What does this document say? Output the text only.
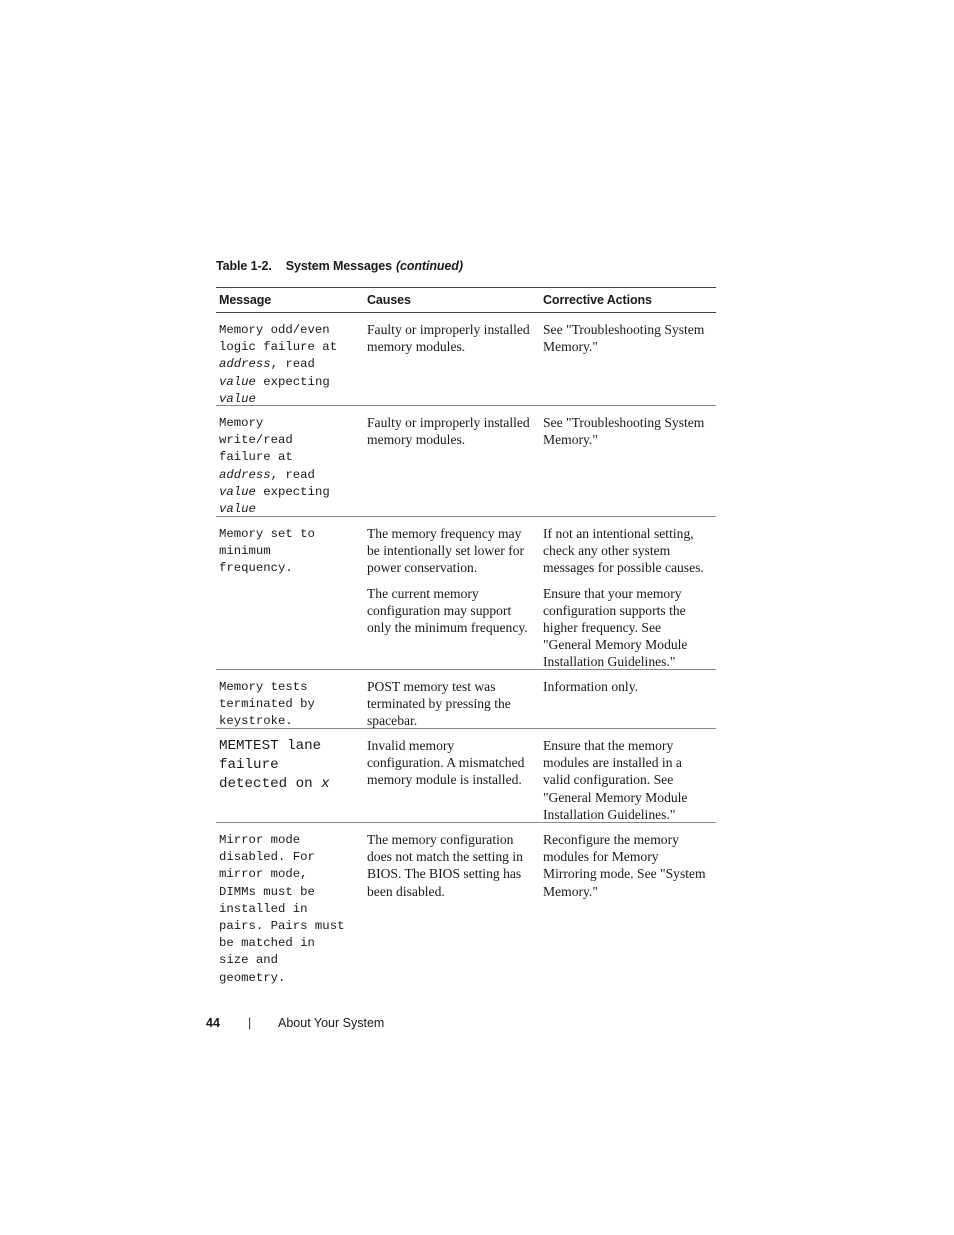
Table 1-2. System Messages (continued)
Message	Causes	Corrective Actions
Memory odd/even
logic failure at
address, read
value expecting
value

Faulty or improperly installed memory modules.

See "Troubleshooting System Memory."

Memory
write/read
failure at
address, read
value expecting
value

Faulty or improperly installed memory modules.

See "Troubleshooting System Memory."

Memory set to
minimum
frequency.

The memory frequency may be intentionally set lower for power conservation.

The current memory configuration may support only the minimum frequency.

If not an intentional setting, check any other system messages for possible causes.

Ensure that your memory configuration supports the higher frequency. See "General Memory Module Installation Guidelines."

Memory tests
terminated by
keystroke.

POST memory test was terminated by pressing the spacebar.

Information only.

MEMTEST lane
failure
detected on x

Invalid memory configuration. A mismatched memory module is installed.

Ensure that the memory modules are installed in a valid configuration. See "General Memory Module Installation Guidelines."

Mirror mode
disabled. For
mirror mode,
DIMMs must be
installed in
pairs. Pairs must
be matched in
size and
geometry.

The memory configuration does not match the setting in BIOS. The BIOS setting has been disabled.

Reconfigure the memory modules for Memory Mirroring mode. See "System Memory."

44 | About Your System
